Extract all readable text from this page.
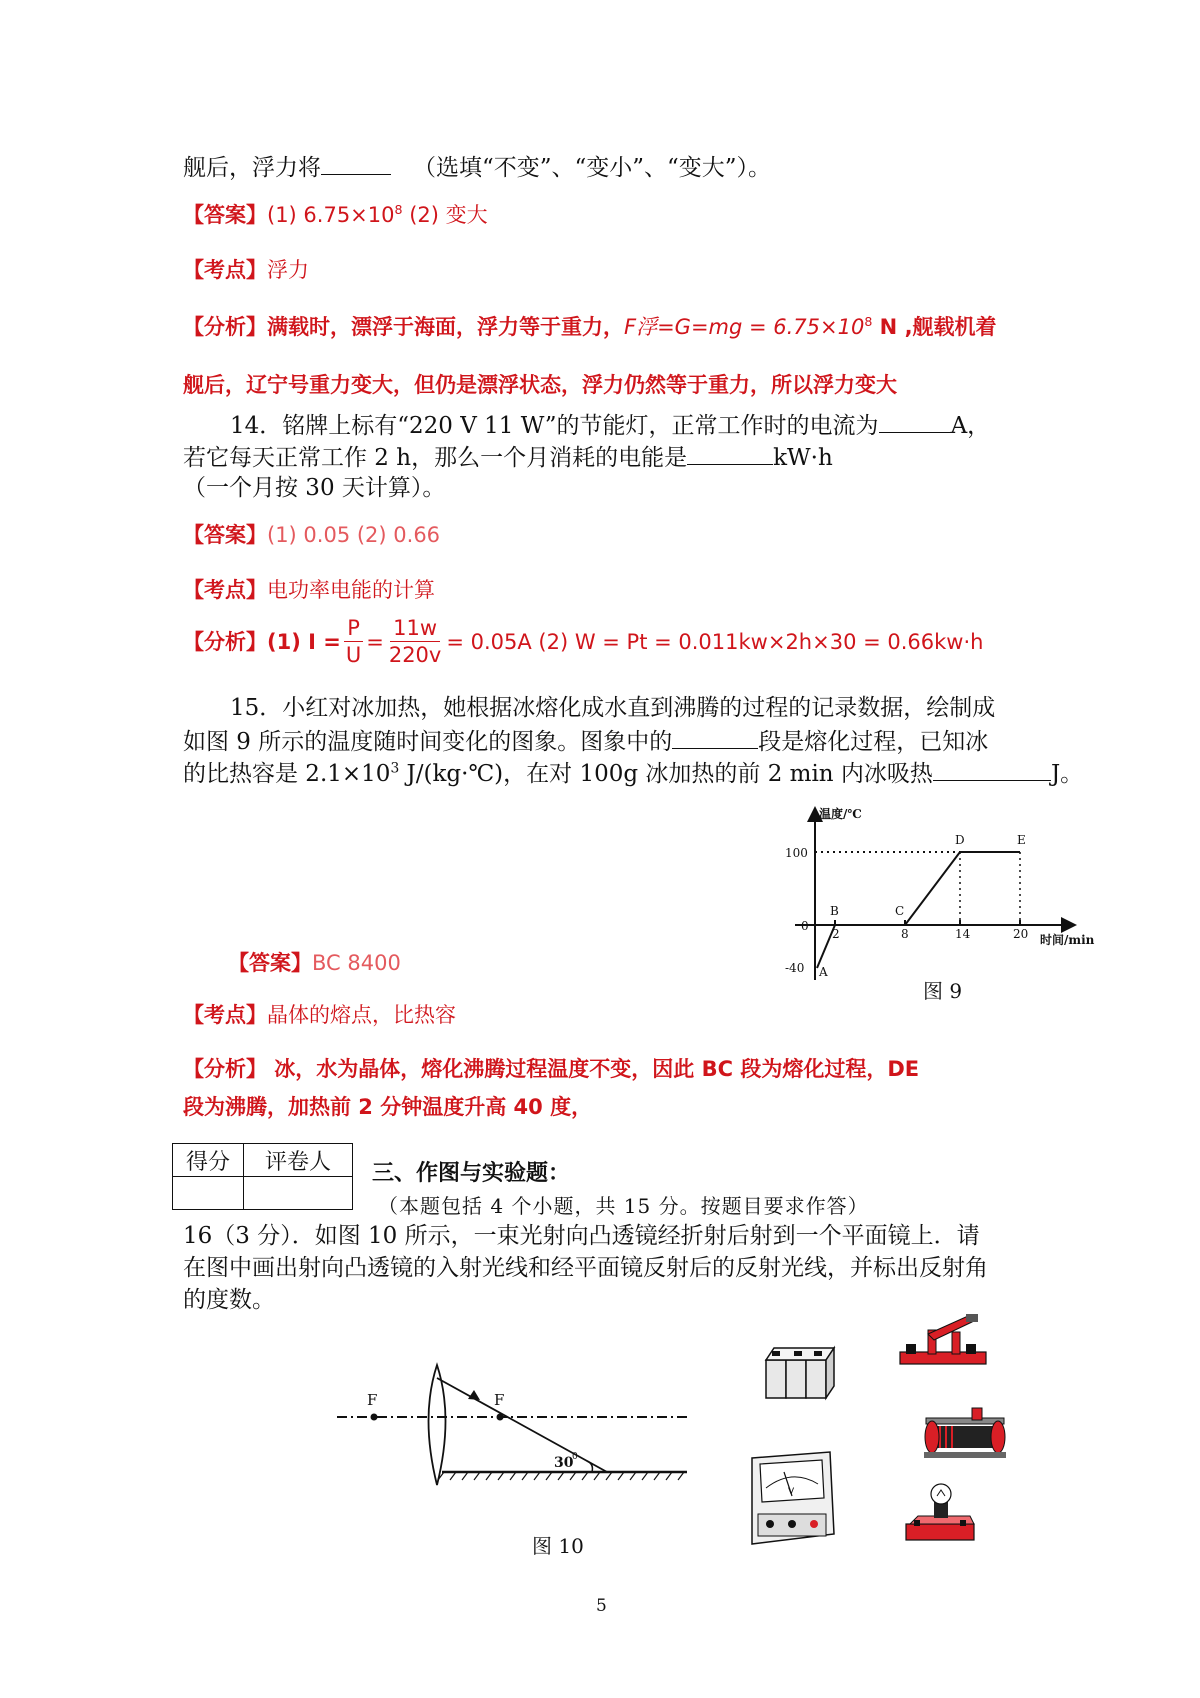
舰后，浮力将	（选填“不变”、“变小”、“变大”）。
【答案】(1) $6.75\times 10^8$ (2) 变大
【考点】浮力
【分析】满载时，漂浮于海面，浮力等于重力，F浮$=G=mg = 6.75\times 10^8$ N ,舰载机着
舰后，辽宁号重力变大，但仍是漂浮状态，浮力仍然等于重力，所以浮力变大
14．铭牌上标有“220 V 11 W”的节能灯，正常工作时的电流为	A，
若它每天正常工作 2 h，那么一个月消耗的电能是	kW·h
（一个月按 30 天计算）。
【答案】(1) 0.05 (2) 0.66
【考点】电功率电能的计算
【分析】 (1) $I = \frac{P}{U} = \frac{11w}{220v} = 0.05A$ (2) W = Pt = 0.011kw×2h×30 = 0.66kw·h
15．小红对冰加热，她根据冰熔化成水直到沸腾的过程的记录数据，绘制成
如图 9 所示的温度随时间变化的图象。图象中的	段是熔化过程，已知冰
的比热容是 $2.1\times 10^3$ J/(kg·℃)，在对 100g 冰加热的前 2 min 内冰吸热	J。
温度/℃
时间/min
100
0
-40
2	8	14	20
A
B	C
D	E
图 9
【答案】BC 8400
【考点】晶体的熔点，比热容
【分析】 冰，水为晶体，熔化沸腾过程温度不变，因此 BC 段为熔化过程，DE
段为沸腾，加热前 2 分钟温度升高 40 度，
得分	评卷人
	三、作图与实验题：
（本题包括 4 个小题，共 15 分。按题目要求作答）
16（3 分）．如图 10 所示，一束光射向凸透镜经折射后射到一个平面镜上．请
在图中画出射向凸透镜的入射光线和经平面镜反射后的反射光线，并标出反射角
的度数。
F	F
30
0
图 10
V
5
